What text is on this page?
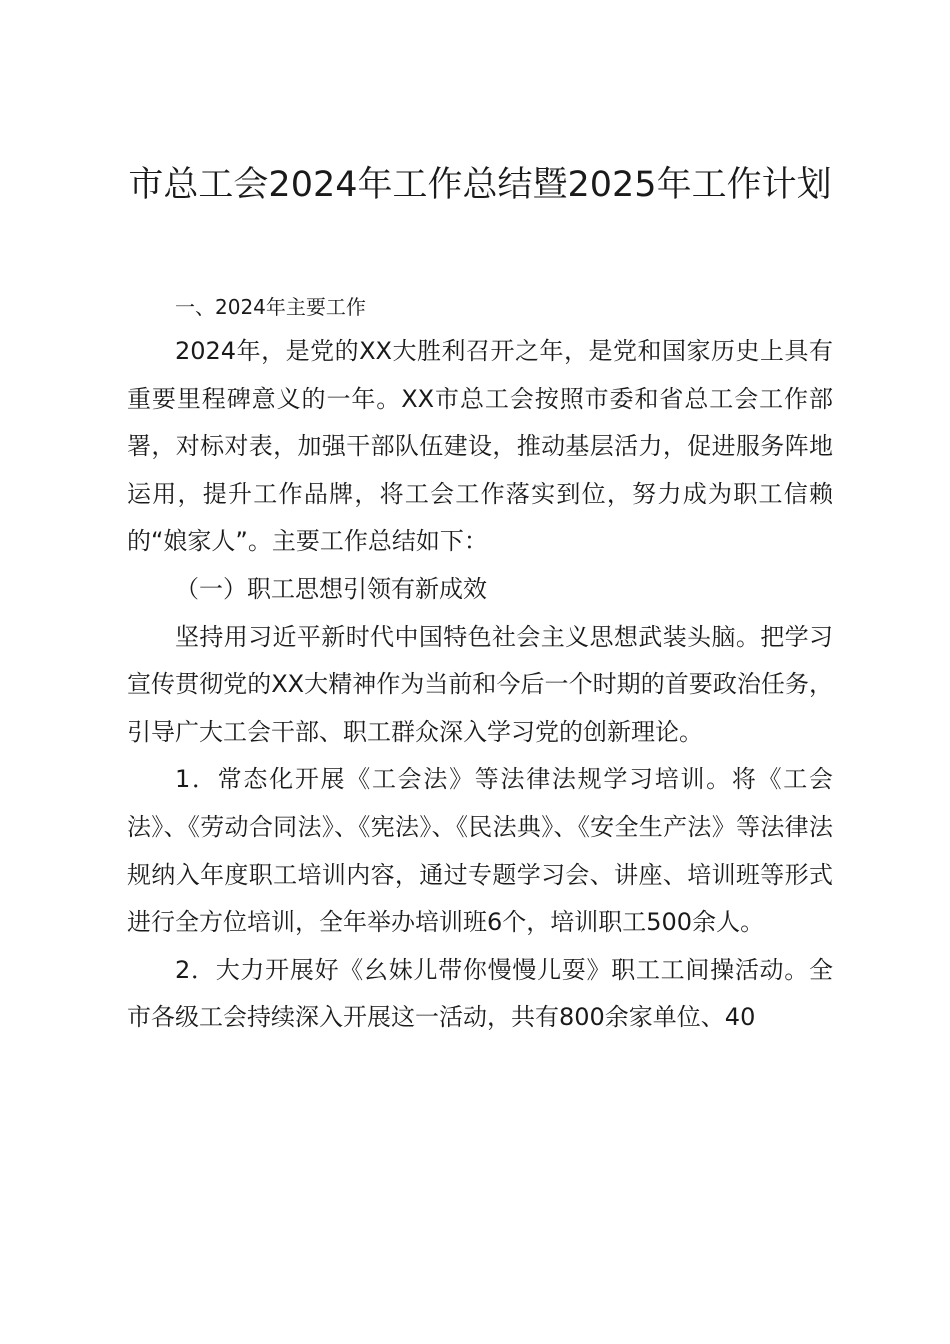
市总工会2024年工作总结暨2025年工作计划

一、2024年主要工作

2024年，是党的XX大胜利召开之年，是党和国家历史上具有重要里程碑意义的一年。XX市总工会按照市委和省总工会工作部署，对标对表，加强干部队伍建设，推动基层活力，促进服务阵地运用，提升工作品牌，将工会工作落实到位，努力成为职工信赖的“娘家人”。主要工作总结如下：

（一）职工思想引领有新成效

坚持用习近平新时代中国特色社会主义思想武装头脑。把学习宣传贯彻党的XX大精神作为当前和今后一个时期的首要政治任务，引导广大工会干部、职工群众深入学习党的创新理论。

1．常态化开展《工会法》等法律法规学习培训。将《工会法》、《劳动合同法》、《宪法》、《民法典》、《安全生产法》等法律法规纳入年度职工培训内容，通过专题学习会、讲座、培训班等形式进行全方位培训，全年举办培训班6个，培训职工500余人。

2．大力开展好《幺妹儿带你慢慢儿耍》职工工间操活动。全市各级工会持续深入开展这一活动，共有800余家单位、40
